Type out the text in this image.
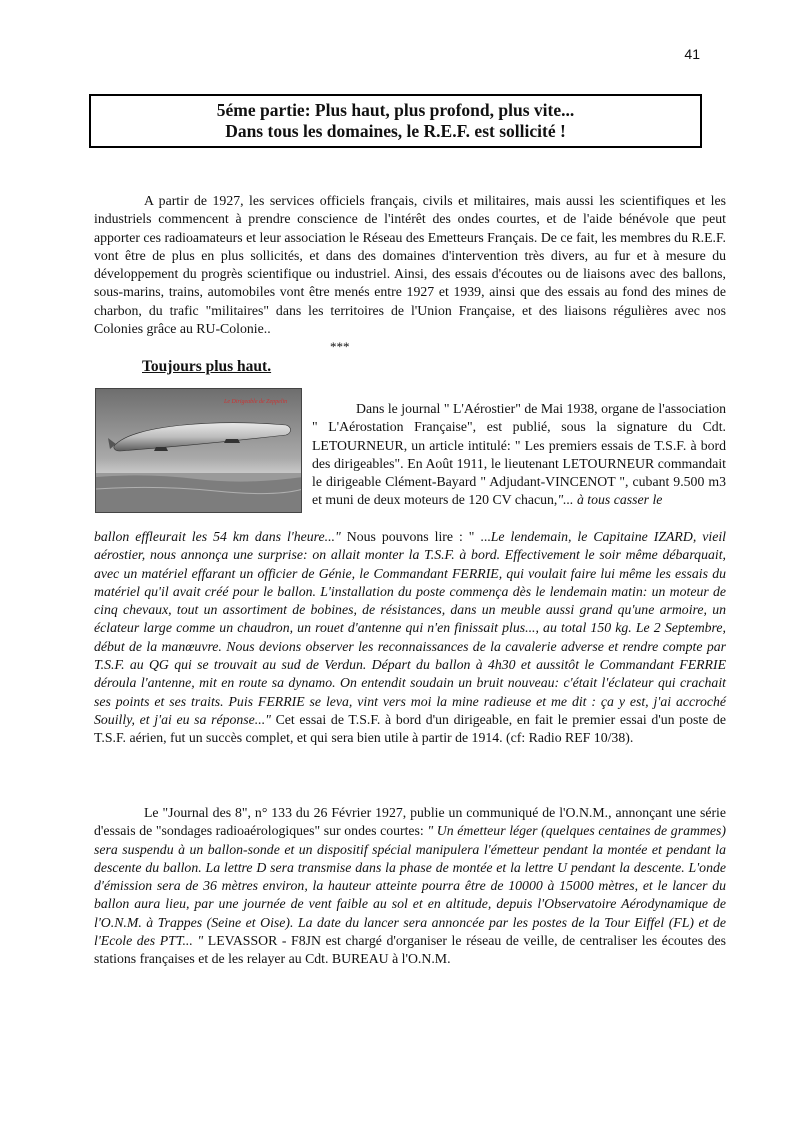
41
5éme partie: Plus haut, plus profond, plus vite...
Dans tous les domaines, le R.E.F. est sollicité !
A partir de 1927, les services officiels français, civils et militaires, mais aussi les scientifiques et les industriels commencent à prendre conscience de l'intérêt des ondes courtes, et de l'aide bénévole que peut apporter ces radioamateurs et leur association le Réseau des Emetteurs Français. De ce fait, les membres du R.E.F. vont être de plus en plus sollicités, et dans des domaines d'intervention très divers, au fur et à mesure du développement du progrès scientifique ou industriel. Ainsi, des essais d'écoutes ou de liaisons avec des ballons, sous-marins, trains, automobiles vont être menés entre 1927 et 1939, ainsi que des essais au fond des mines de charbon, du trafic "militaires" dans les territoires de l'Union Française, et des liaisons régulières avec nos Colonies grâce au RU-Colonie..
***
Toujours plus haut.
Le Dirigeable de Zeppelin	Dans le journal " L'Aérostier" de Mai 1938, organe de l'association " L'Aérostation Française", est publié, sous la signature du Cdt. LETOURNEUR, un article intitulé: " Les premiers essais de T.S.F. à bord des dirigeables". En Août 1911, le lieutenant LETOURNEUR commandait le dirigeable Clément-Bayard " Adjudant-VINCENOT ", cubant 9.500 m3 et muni de deux moteurs de 120 CV chacun,"... à tous casser le

ballon effleurait les 54 km dans l'heure..." Nous pouvons lire : " ...Le lendemain, le Capitaine IZARD, vieil aérostier, nous annonça une surprise: on allait monter la T.S.F. à bord. Effectivement le soir même débarquait, avec un matériel effarant un officier de Génie, le Commandant FERRIE, qui voulait faire lui même les essais du matériel qu'il avait créé pour le ballon. L'installation du poste commença dès le lendemain matin: un moteur de cinq chevaux, tout un assortiment de bobines, de résistances, dans un meuble aussi grand qu'une armoire, un éclateur large comme un chaudron, un rouet d'antenne qui n'en finissait plus..., au total 150 kg. Le 2 Septembre, début de la manœuvre. Nous devions observer les reconnaissances de la cavalerie adverse et rendre compte par T.S.F. au QG qui se trouvait au sud de Verdun. Départ du ballon à 4h30 et aussitôt le Commandant FERRIE déroula l'antenne, mit en route sa dynamo. On entendit soudain un bruit nouveau: c'était l'éclateur qui crachait ses points et ses traits. Puis FERRIE se leva, vint vers moi la mine radieuse et me dit : ça y est, j'ai accroché Souilly, et j'ai eu sa réponse..." Cet essai de T.S.F. à bord d'un dirigeable, en fait le premier essai d'un poste de T.S.F. aérien, fut un succès complet, et qui sera bien utile à partir de 1914. (cf: Radio REF 10/38).
Le "Journal des 8", n° 133 du 26 Février 1927, publie un communiqué de l'O.N.M., annonçant une série d'essais de "sondages radioaérologiques" sur ondes courtes: " Un émetteur léger (quelques centaines de grammes) sera suspendu à un ballon-sonde et un dispositif spécial manipulera l'émetteur pendant la montée et pendant la descente du ballon. La lettre D sera transmise dans la phase de montée et la lettre U pendant la descente. L'onde d'émission sera de 36 mètres environ, la hauteur atteinte pourra être de 10000 à 15000 mètres, et le lancer du ballon aura lieu, par une journée de vent faible au sol et en altitude, depuis l'Observatoire Aérodynamique de l'O.N.M. à Trappes (Seine et Oise). La date du lancer sera annoncée par les postes de la Tour Eiffel (FL) et de l'Ecole des PTT... " LEVASSOR - F8JN est chargé d'organiser le réseau de veille, de centraliser les écoutes des stations françaises et de les relayer au Cdt. BUREAU à l'O.N.M.
